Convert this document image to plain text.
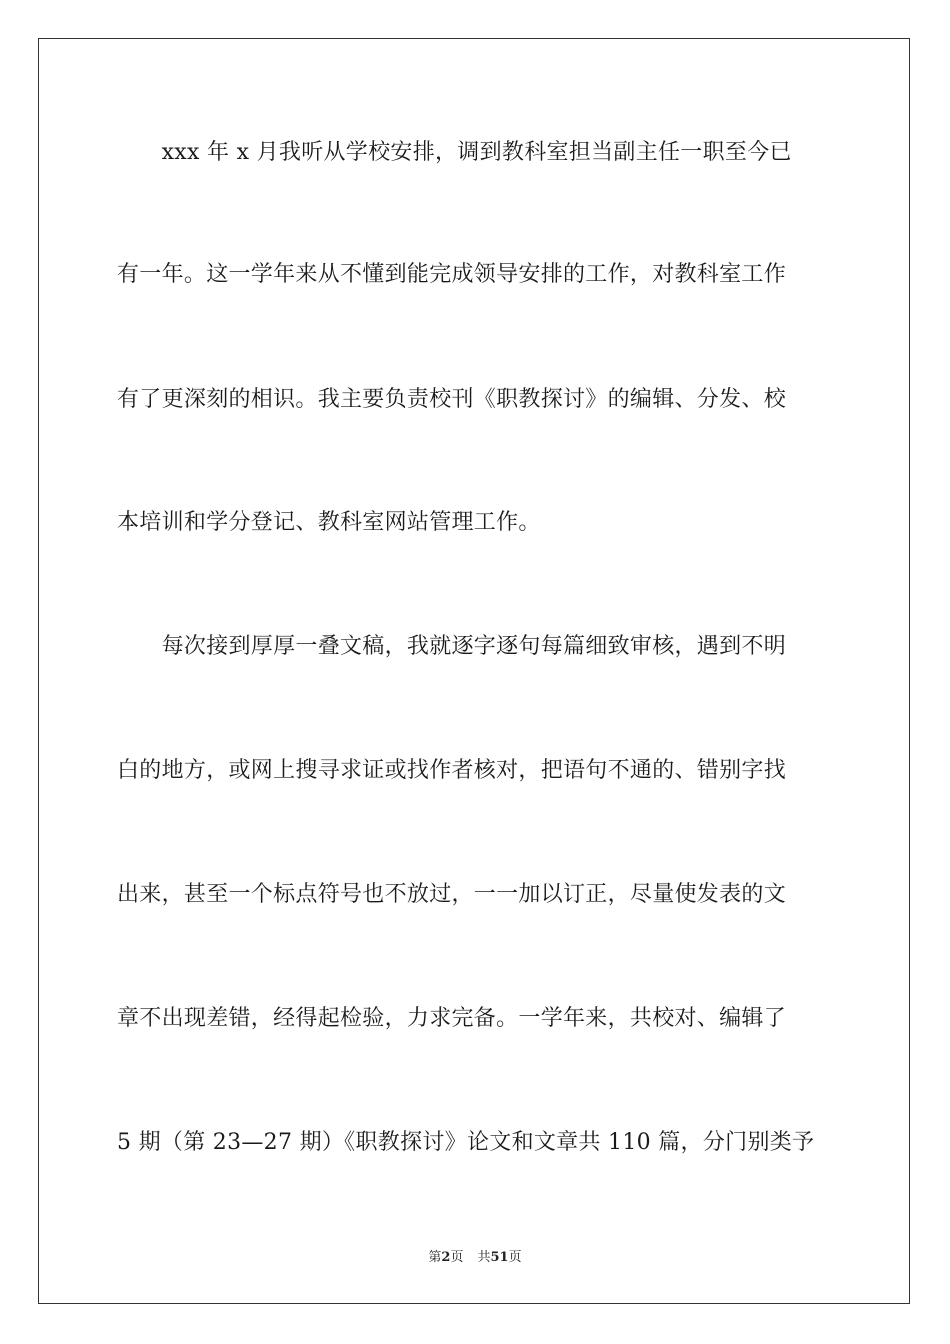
　　xxx 年 x 月我听从学校安排，调到教科室担当副主任一职至今已
有一年。这一学年来从不懂到能完成领导安排的工作，对教科室工作
有了更深刻的相识。我主要负责校刊《职教探讨》的编辑、分发、校
本培训和学分登记、教科室网站管理工作。
　　每次接到厚厚一叠文稿，我就逐字逐句每篇细致审核，遇到不明
白的地方，或网上搜寻求证或找作者核对，把语句不通的、错别字找
出来，甚至一个标点符号也不放过，一一加以订正，尽量使发表的文
章不出现差错，经得起检验，力求完备。一学年来，共校对、编辑了
5 期（第 23—27 期）《职教探讨》论文和文章共 110 篇，分门别类予
第2页 共51页
